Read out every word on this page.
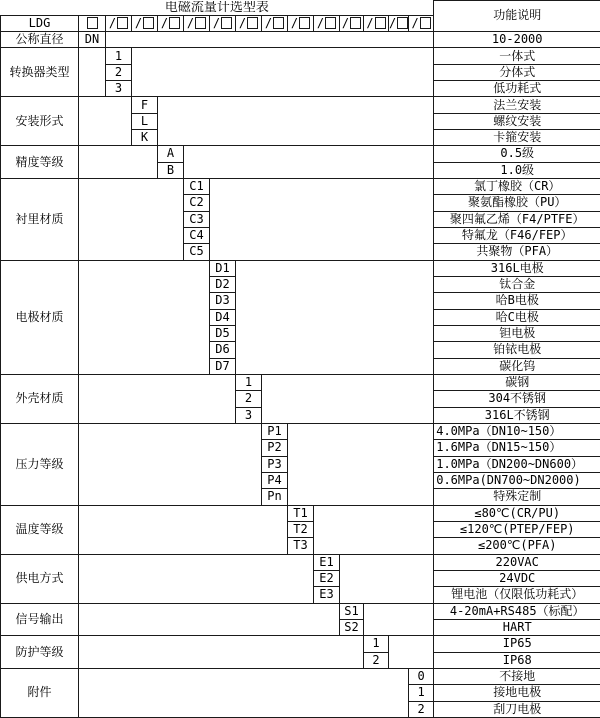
电磁流量计选型表															功能说明
LDG		/	/	/	/	/	/	/	/	/	/	/	/	/	
公称直径	DN														10-2000
转换器类型		1													一体式
		2													分体式
		3													低功耗式
安装形式			F												法兰安装
			L												螺纹安装
			K												卡箍安装
精度等级				A											0.5级
				B											1.0级
衬里材质					C1										氯丁橡胶（CR）
					C2										聚氨酯橡胶（PU）
					C3										聚四氟乙烯（F4/PTFE）
					C4										特氟龙（F46/FEP）
					C5										共聚物（PFA）
电极材质						D1									316L电极
						D2									钛合金
						D3									哈B电极
						D4									哈C电极
						D5									钽电极
						D6									铂铱电极
						D7									碳化钨
外壳材质							1								碳钢
							2								304不锈钢
							3								316L不锈钢
压力等级								P1							4.0MPa（DN10~150）
								P2							1.6MPa（DN15~150）
								P3							1.0MPa（DN200~DN600）
								P4							0.6MPa(DN700~DN2000)
								Pn							特殊定制
温度等级									T1						≤80℃(CR/PU)
									T2						≤120℃(PTEP/FEP)
									T3						≤200℃(PFA)
供电方式										E1					220VAC
										E2					24VDC
										E3					锂电池（仅限低功耗式）
信号输出											S1				4-20mA+RS485（标配）
											S2				HART
防护等级												1			IP65
												2			IP68
附件														0	不接地
														1	接地电极
														2	刮刀电极
